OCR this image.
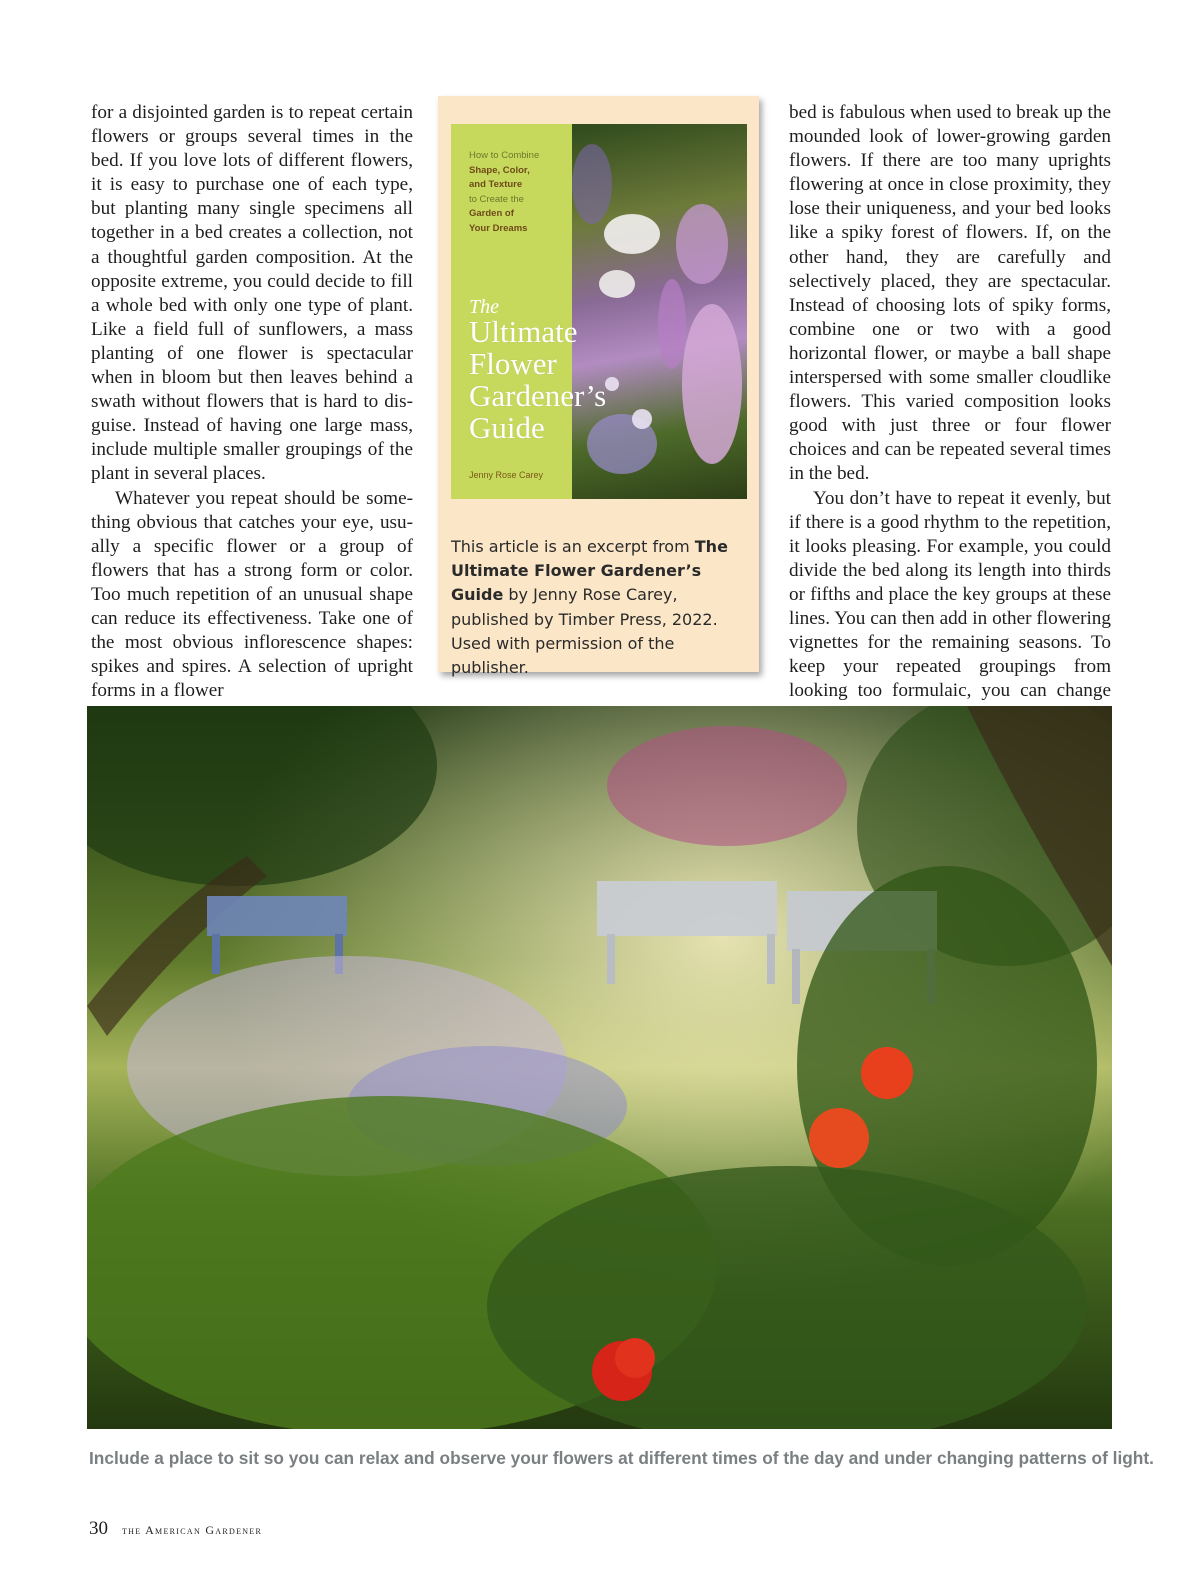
for a disjointed garden is to repeat certain flowers or groups several times in the bed. If you love lots of different flowers, it is easy to purchase one of each type, but planting many single specimens all together in a bed creates a collection, not a thoughtful garden composition. At the opposite extreme, you could decide to fill a whole bed with only one type of plant. Like a field full of sunflowers, a mass planting of one flower is spectacular when in bloom but then leaves behind a swath without flowers that is hard to disguise. Instead of having one large mass, include multiple smaller groupings of the plant in several places.

Whatever you repeat should be something obvious that catches your eye, usually a specific flower or a group of flowers that has a strong form or color. Too much repetition of an unusual shape can reduce its effectiveness. Take one of the most obvious inflorescence shapes: spikes and spires. A selection of upright forms in a flower

How to Combine
Shape, Color,
and Texture
to Create the
Garden of
Your Dreams
The
Ultimate
Flower
Gardener’s
Guide
Jenny Rose Carey
This article is an excerpt from The Ultimate Flower Gardener’s Guide by Jenny Rose Carey, published by Timber Press, 2022. Used with permission of the publisher.

bed is fabulous when used to break up the mounded look of lower-growing garden flowers. If there are too many uprights flowering at once in close proximity, they lose their uniqueness, and your bed looks like a spiky forest of flowers. If, on the other hand, they are carefully and selectively placed, they are spectacular. Instead of choosing lots of spiky forms, combine one or two with a good horizontal flower, or maybe a ball shape interspersed with some smaller cloudlike flowers. This varied composition looks good with just three or four flower choices and can be repeated several times in the bed.

You don’t have to repeat it evenly, but if there is a good rhythm to the repetition, it looks pleasing. For example, you could divide the bed along its length into thirds or fifths and place the key groups at these lines. You can then add in other flowering vignettes for the remaining seasons. To keep your repeated groupings from looking too formulaic, you can change

Include a place to sit so you can relax and observe your flowers at different times of the day and under changing patterns of light.
30 the American Gardener
